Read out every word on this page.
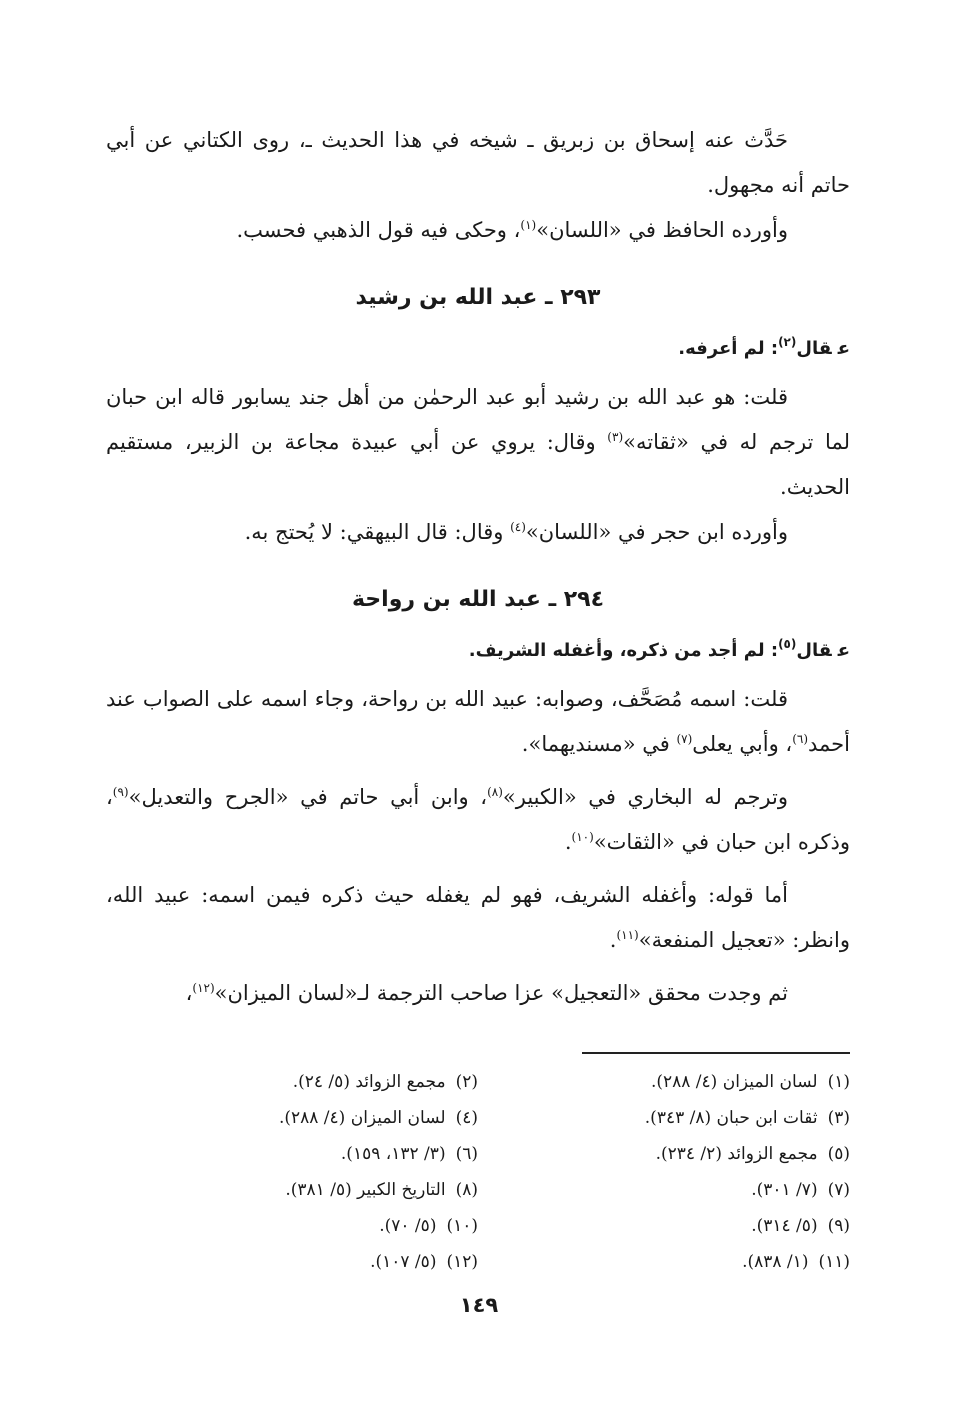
حَدَّث عنه إسحاق بن زبريق ـ شيخه في هذا الحديث ـ، روى الكتاني عن أبي حاتم أنه مجهول.

وأورده الحافظ في «اللسان»$^{(١)}$، وحكى فيه قول الذهبي فحسب.

٢٩٣ ـ عبد الله بن رشيد

عقال$^{(٢)}$: لم أعرفه.

قلت: هو عبد الله بن رشيد أبو عبد الرحمٰن من أهل جند يسابور قاله ابن حبان لما ترجم له في «ثقاته»$^{(٣)}$ وقال: يروي عن أبي عبيدة مجاعة بن الزبير، مستقيم الحديث.

وأورده ابن حجر في «اللسان»$^{(٤)}$ وقال: قال البيهقي: لا يُحتج به.

٢٩٤ ـ عبد الله بن رواحة

عقال$^{(٥)}$: لم أجد من ذكره، وأغفله الشريف.

قلت: اسمه مُصَحَّف، وصوابه: عبيد الله بن رواحة، وجاء اسمه على الصواب عند أحمد$^{(٦)}$، وأبي يعلى$^{(٧)}$ في «مسنديهما».

وترجم له البخاري في «الكبير»$^{(٨)}$، وابن أبي حاتم في «الجرح والتعديل»$^{(٩)}$، وذكره ابن حبان في «الثقات»$^{(١٠)}$.

أما قوله: وأغفله الشريف، فهو لم يغفله حيث ذكره فيمن اسمه: عبيد الله، وانظر: «تعجيل المنفعة»$^{(١١)}$.

ثم وجدت محقق «التعجيل» عزا صاحب الترجمة لـ«لسان الميزان»$^{(١٢)}$،

(١)لسان الميزان (٤/ ٢٨٨).
(٢)مجمع الزوائد (٥/ ٢٤).
(٣)ثقات ابن حبان (٨/ ٣٤٣).
(٤)لسان الميزان (٤/ ٢٨٨).
(٥)مجمع الزوائد (٢/ ٢٣٤).
(٦)(٣/ ١٣٢، ١٥٩).
(٧)(٧/ ٣٠١).
(٨)التاريخ الكبير (٥/ ٣٨١).
(٩)(٥/ ٣١٤).
(١٠)(٥/ ٧٠).
(١١)(١/ ٨٣٨).
(١٢)(٥/ ١٠٧).
١٤٩
